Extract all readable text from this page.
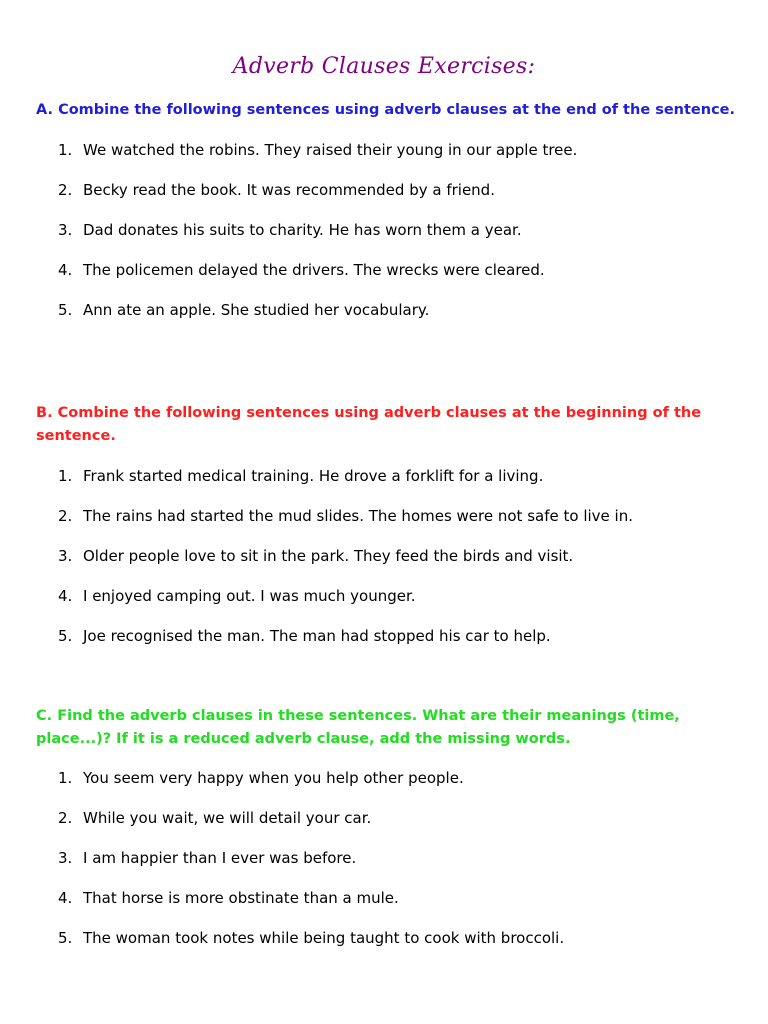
Adverb Clauses Exercises:

A. Combine the following sentences using adverb clauses at the end of the sentence.

1. We watched the robins. They raised their young in our apple tree.
2. Becky read the book. It was recommended by a friend.
3. Dad donates his suits to charity. He has worn them a year.
4. The policemen delayed the drivers. The wrecks were cleared.
5. Ann ate an apple. She studied her vocabulary.

B. Combine the following sentences using adverb clauses at the beginning of the sentence.

1. Frank started medical training. He drove a forklift for a living.
2. The rains had started the mud slides. The homes were not safe to live in.
3. Older people love to sit in the park. They feed the birds and visit.
4. I enjoyed camping out. I was much younger.
5. Joe recognised the man. The man had stopped his car to help.

C. Find the adverb clauses in these sentences. What are their meanings (time, place...)? If it is a reduced adverb clause, add the missing words.

1. You seem very happy when you help other people.
2. While you wait, we will detail your car.
3. I am happier than I ever was before.
4. That horse is more obstinate than a mule.
5. The woman took notes while being taught to cook with broccoli.
